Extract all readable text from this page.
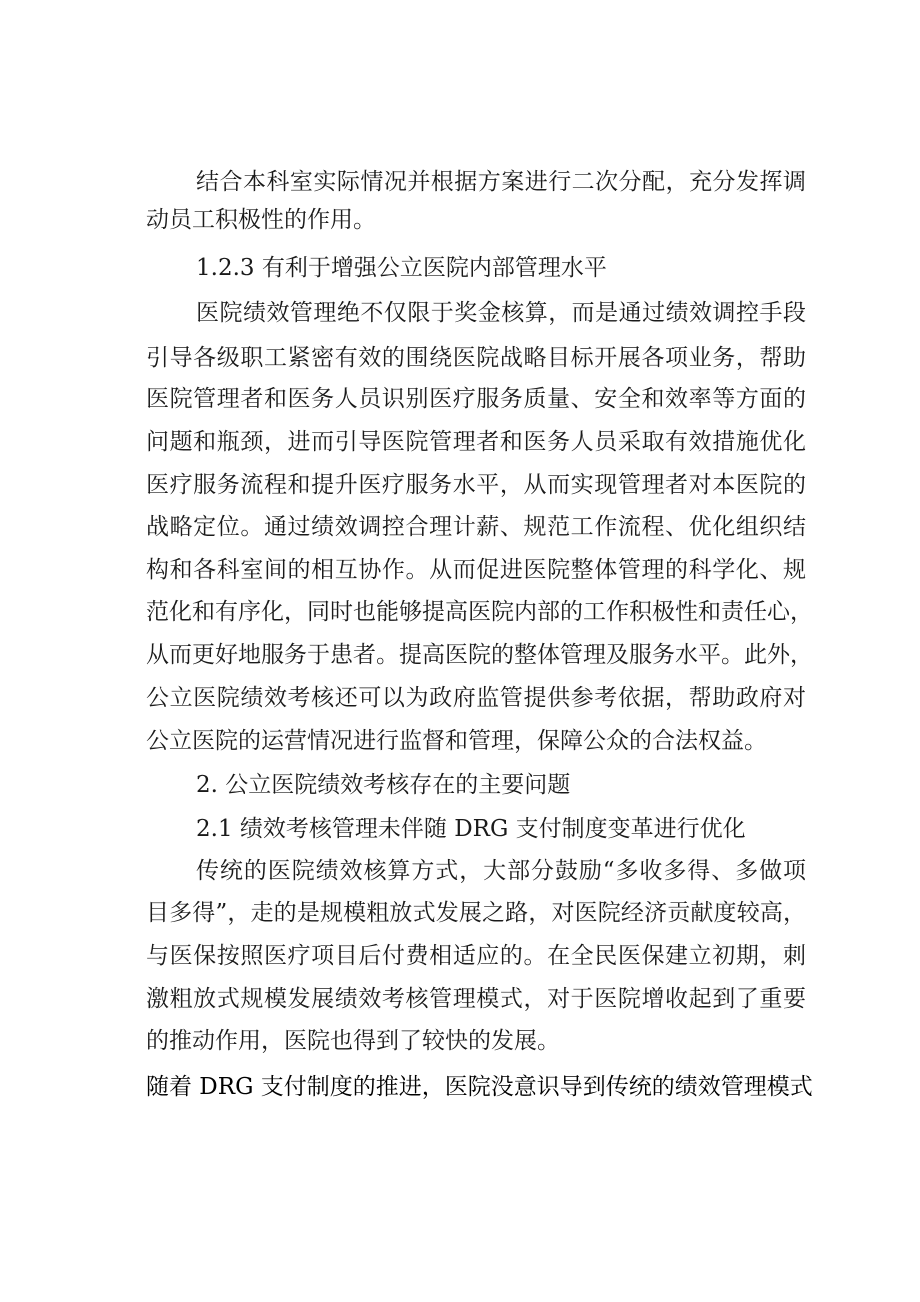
结合本科室实际情况并根据方案进行二次分配，充分发挥调
动员工积极性的作用。
1.2.3 有利于增强公立医院内部管理水平
医院绩效管理绝不仅限于奖金核算，而是通过绩效调控手段
引导各级职工紧密有效的围绕医院战略目标开展各项业务，帮助
医院管理者和医务人员识别医疗服务质量、安全和效率等方面的
问题和瓶颈，进而引导医院管理者和医务人员采取有效措施优化
医疗服务流程和提升医疗服务水平，从而实现管理者对本医院的
战略定位。通过绩效调控合理计薪、规范工作流程、优化组织结
构和各科室间的相互协作。从而促进医院整体管理的科学化、规
范化和有序化，同时也能够提高医院内部的工作积极性和责任心，
从而更好地服务于患者。提高医院的整体管理及服务水平。此外，
公立医院绩效考核还可以为政府监管提供参考依据，帮助政府对
公立医院的运营情况进行监督和管理，保障公众的合法权益。
2. 公立医院绩效考核存在的主要问题
2.1 绩效考核管理未伴随 DRG 支付制度变革进行优化
传统的医院绩效核算方式，大部分鼓励“多收多得、多做项
目多得”，走的是规模粗放式发展之路，对医院经济贡献度较高，
与医保按照医疗项目后付费相适应的。在全民医保建立初期，刺
激粗放式规模发展绩效考核管理模式，对于医院增收起到了重要
的推动作用，医院也得到了较快的发展。
随着 DRG 支付制度的推进，医院没意识导到传统的绩效管理模式
